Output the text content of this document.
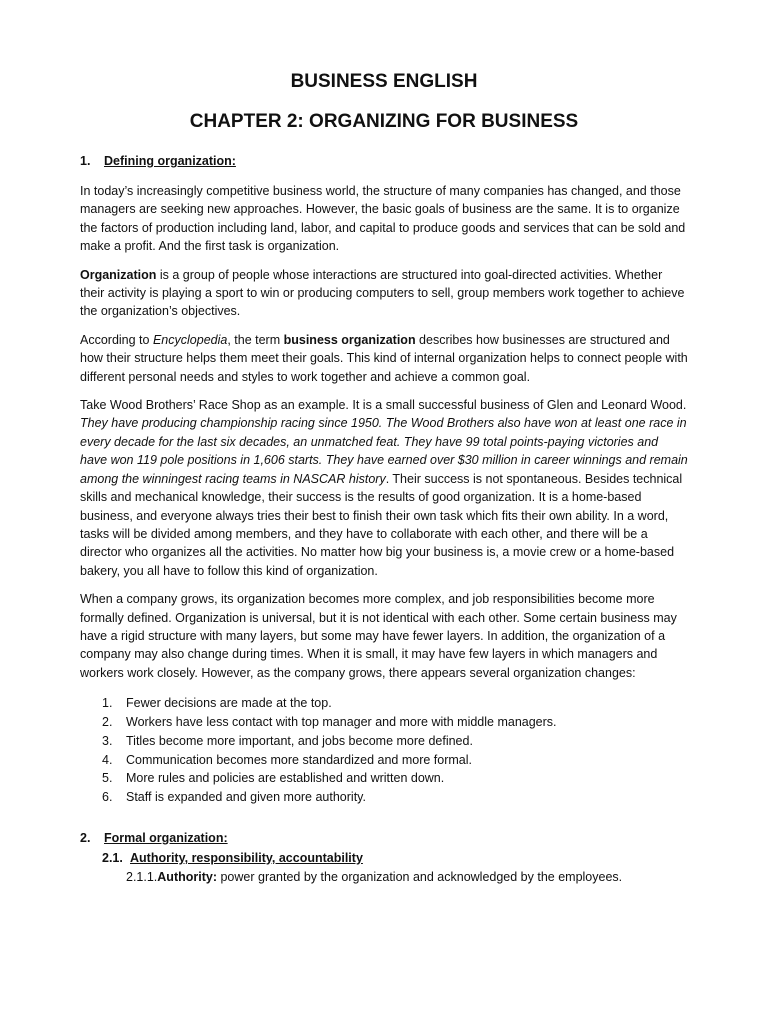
BUSINESS ENGLISH
CHAPTER 2: ORGANIZING FOR BUSINESS
1.	Defining organization:

In today’s increasingly competitive business world, the structure of many companies has changed, and those managers are seeking new approaches. However, the basic goals of business are the same. It is to organize the factors of production including land, labor, and capital to produce goods and services that can be sold and make a profit. And the first task is organization.

Organization is a group of people whose interactions are structured into goal-directed activities. Whether their activity is playing a sport to win or producing computers to sell, group members work together to achieve the organization’s objectives.

According to Encyclopedia, the term business organization describes how businesses are structured and how their structure helps them meet their goals. This kind of internal organization helps to connect people with different personal needs and styles to work together and achieve a common goal.

Take Wood Brothers’ Race Shop as an example. It is a small successful business of Glen and Leonard Wood. They have producing championship racing since 1950. The Wood Brothers also have won at least one race in every decade for the last six decades, an unmatched feat. They have 99 total points-paying victories and have won 119 pole positions in 1,606 starts. They have earned over $30 million in career winnings and remain among the winningest racing teams in NASCAR history. Their success is not spontaneous. Besides technical skills and mechanical knowledge, their success is the results of good organization. It is a home-based business, and everyone always tries their best to finish their own task which fits their own ability. In a word, tasks will be divided among members, and they have to collaborate with each other, and there will be a director who organizes all the activities. No matter how big your business is, a movie crew or a home-based bakery, you all have to follow this kind of organization.

When a company grows, its organization becomes more complex, and job responsibilities become more formally defined. Organization is universal, but it is not identical with each other. Some certain business may have a rigid structure with many layers, but some may have fewer layers. In addition, the organization of a company may also change during times. When it is small, it may have few layers in which managers and workers work closely. However, as the company grows, there appears several organization changes:

1.	Fewer decisions are made at the top.
2.	Workers have less contact with top manager and more with middle managers.
3.	Titles become more important, and jobs become more defined.
4.	Communication becomes more standardized and more formal.
5.	More rules and policies are established and written down.
6.	Staff is expanded and given more authority.
2.	Formal organization:
2.1. Authority, responsibility, accountability
2.1.1.Authority: power granted by the organization and acknowledged by the employees.
